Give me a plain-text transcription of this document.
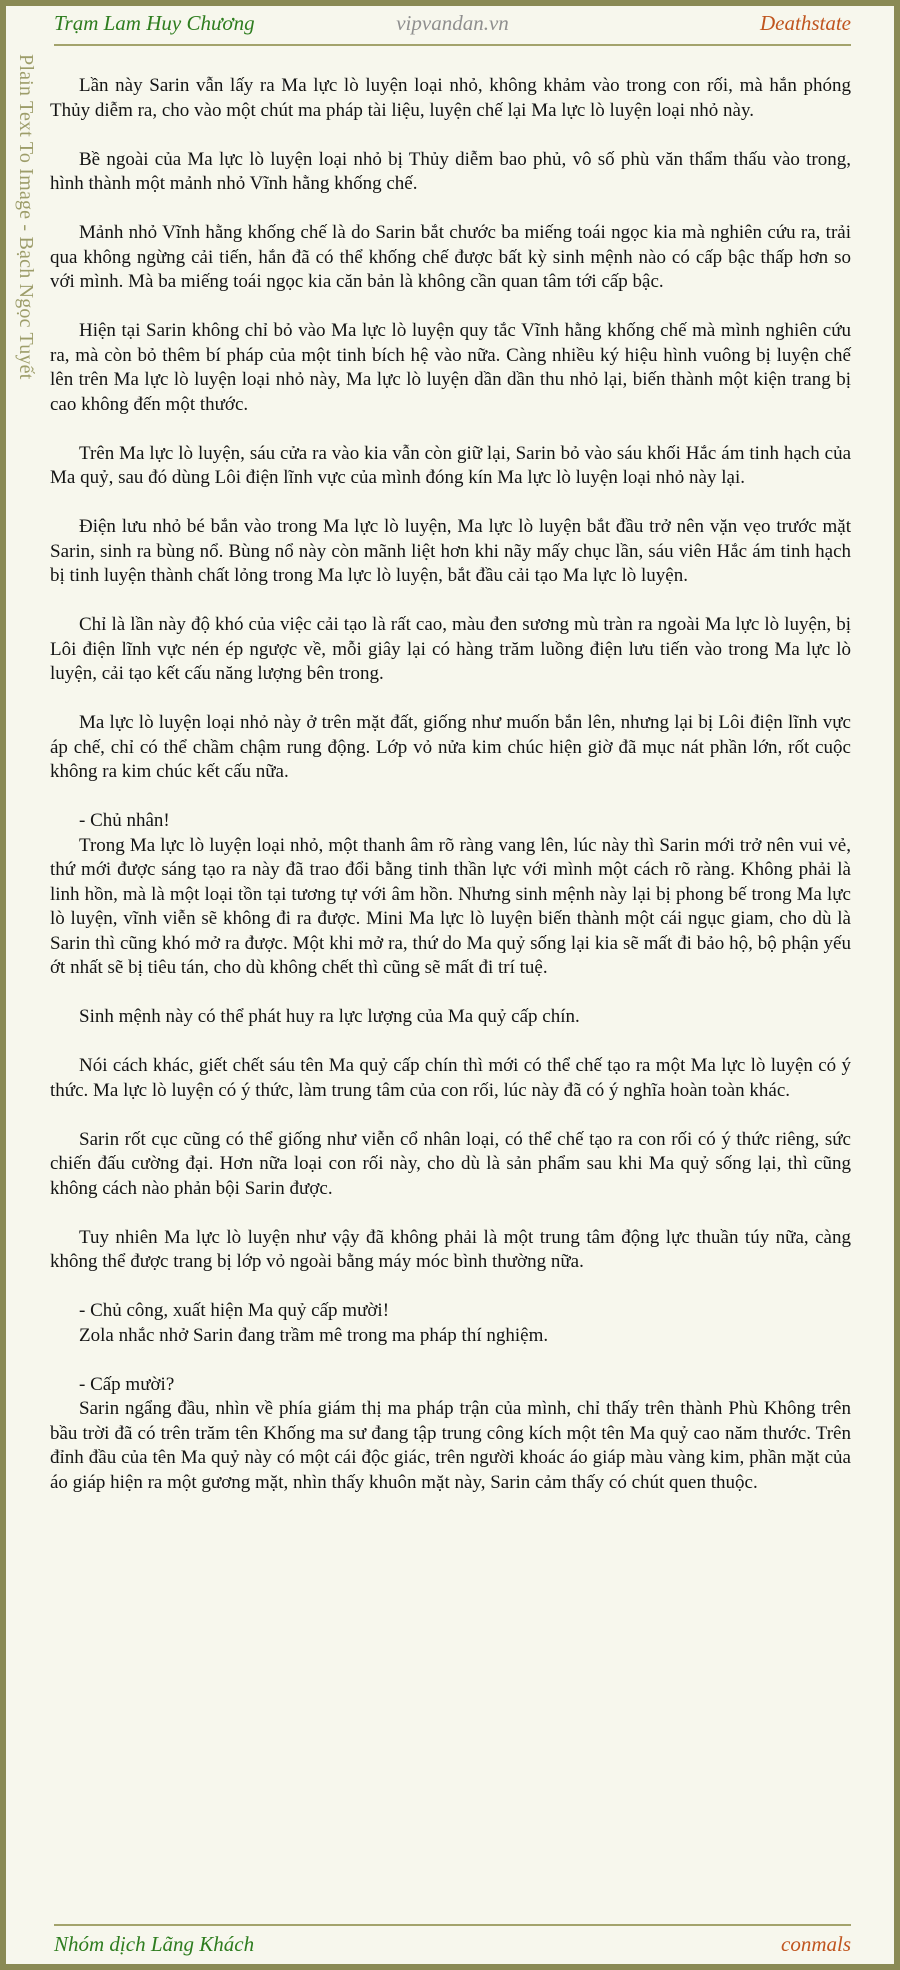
Trạm Lam Huy Chương	vipvandan.vn	Deathstate
Plain Text To Image - Bạch Ngọc Tuyết	Lần này Sarin vẫn lấy ra Ma lực lò luyện loại nhỏ, không khảm vào trong con rối, mà hắn phóng Thủy diễm ra, cho vào một chút ma pháp tài liệu, luyện chế lại Ma lực lò luyện loại nhỏ này.

Bề ngoài của Ma lực lò luyện loại nhỏ bị Thủy diễm bao phủ, vô số phù văn thẩm thấu vào trong, hình thành một mảnh nhỏ Vĩnh hằng khống chế.

Mảnh nhỏ Vĩnh hằng khống chế là do Sarin bắt chước ba miếng toái ngọc kia mà nghiên cứu ra, trải qua không ngừng cải tiến, hắn đã có thể khống chế được bất kỳ sinh mệnh nào có cấp bậc thấp hơn so với mình. Mà ba miếng toái ngọc kia căn bản là không cần quan tâm tới cấp bậc.

Hiện tại Sarin không chỉ bỏ vào Ma lực lò luyện quy tắc Vĩnh hằng khống chế mà mình nghiên cứu ra, mà còn bỏ thêm bí pháp của một tinh bích hệ vào nữa. Càng nhiều ký hiệu hình vuông bị luyện chế lên trên Ma lực lò luyện loại nhỏ này, Ma lực lò luyện dần dần thu nhỏ lại, biến thành một kiện trang bị cao không đến một thước.

Trên Ma lực lò luyện, sáu cửa ra vào kia vẫn còn giữ lại, Sarin bỏ vào sáu khối Hắc ám tinh hạch của Ma quỷ, sau đó dùng Lôi điện lĩnh vực của mình đóng kín Ma lực lò luyện loại nhỏ này lại.

Điện lưu nhỏ bé bắn vào trong Ma lực lò luyện, Ma lực lò luyện bắt đầu trở nên vặn vẹo trước mặt Sarin, sinh ra bùng nổ. Bùng nổ này còn mãnh liệt hơn khi nãy mấy chục lần, sáu viên Hắc ám tinh hạch bị tinh luyện thành chất lỏng trong Ma lực lò luyện, bắt đầu cải tạo Ma lực lò luyện.

Chỉ là lần này độ khó của việc cải tạo là rất cao, màu đen sương mù tràn ra ngoài Ma lực lò luyện, bị Lôi điện lĩnh vực nén ép ngược về, mỗi giây lại có hàng trăm luồng điện lưu tiến vào trong Ma lực lò luyện, cải tạo kết cấu năng lượng bên trong.

Ma lực lò luyện loại nhỏ này ở trên mặt đất, giống như muốn bắn lên, nhưng lại bị Lôi điện lĩnh vực áp chế, chỉ có thể chầm chậm rung động. Lớp vỏ nửa kim chúc hiện giờ đã mục nát phần lớn, rốt cuộc không ra kim chúc kết cấu nữa.

- Chủ nhân!
Trong Ma lực lò luyện loại nhỏ, một thanh âm rõ ràng vang lên, lúc này thì Sarin mới trở nên vui vẻ, thứ mới được sáng tạo ra này đã trao đổi bằng tinh thần lực với mình một cách rõ ràng. Không phải là linh hồn, mà là một loại tồn tại tương tự với âm hồn. Nhưng sinh mệnh này lại bị phong bế trong Ma lực lò luyện, vĩnh viễn sẽ không đi ra được. Mini Ma lực lò luyện biến thành một cái ngục giam, cho dù là Sarin thì cũng khó mở ra được. Một khi mở ra, thứ do Ma quỷ sống lại kia sẽ mất đi bảo hộ, bộ phận yếu ớt nhất sẽ bị tiêu tán, cho dù không chết thì cũng sẽ mất đi trí tuệ.

Sinh mệnh này có thể phát huy ra lực lượng của Ma quỷ cấp chín.

Nói cách khác, giết chết sáu tên Ma quỷ cấp chín thì mới có thể chế tạo ra một Ma lực lò luyện có ý thức. Ma lực lò luyện có ý thức, làm trung tâm của con rối, lúc này đã có ý nghĩa hoàn toàn khác.

Sarin rốt cục cũng có thể giống như viễn cổ nhân loại, có thể chế tạo ra con rối có ý thức riêng, sức chiến đấu cường đại. Hơn nữa loại con rối này, cho dù là sản phẩm sau khi Ma quỷ sống lại, thì cũng không cách nào phản bội Sarin được.

Tuy nhiên Ma lực lò luyện như vậy đã không phải là một trung tâm động lực thuần túy nữa, càng không thể được trang bị lớp vỏ ngoài bằng máy móc bình thường nữa.

- Chủ công, xuất hiện Ma quỷ cấp mười!
Zola nhắc nhở Sarin đang trầm mê trong ma pháp thí nghiệm.

- Cấp mười?
Sarin ngẩng đầu, nhìn về phía giám thị ma pháp trận của mình, chỉ thấy trên thành Phù Không trên bầu trời đã có trên trăm tên Khống ma sư đang tập trung công kích một tên Ma quỷ cao năm thước. Trên đỉnh đầu của tên Ma quỷ này có một cái độc giác, trên người khoác áo giáp màu vàng kim, phần mặt của áo giáp hiện ra một gương mặt, nhìn thấy khuôn mặt này, Sarin cảm thấy có chút quen thuộc.

Nhóm dịch Lãng Khách	conmals
